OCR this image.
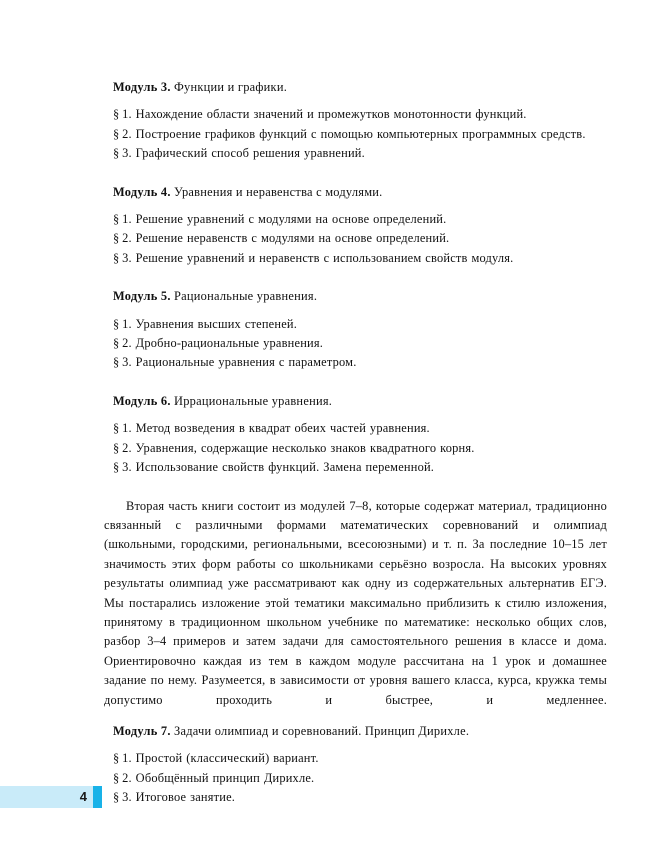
Модуль 3. Функции и графики.

§ 1. Нахождение области значений и промежутков монотонности функций.

§ 2. Построение графиков функций с помощью компьютерных программных средств.

§ 3. Графический способ решения уравнений.

Модуль 4. Уравнения и неравенства с модулями.

§ 1. Решение уравнений с модулями на основе определений.

§ 2. Решение неравенств с модулями на основе определений.

§ 3. Решение уравнений и неравенств с использованием свойств модуля.

Модуль 5. Рациональные уравнения.

§ 1. Уравнения высших степеней.

§ 2. Дробно-рациональные уравнения.

§ 3. Рациональные уравнения с параметром.

Модуль 6. Иррациональные уравнения.

§ 1. Метод возведения в квадрат обеих частей уравнения.

§ 2. Уравнения, содержащие несколько знаков квадратного корня.

§ 3. Использование свойств функций. Замена переменной.

Вторая часть книги состоит из модулей 7–8, которые содержат материал, традиционно связанный с различными формами математических соревнований и олимпиад (школьными, городскими, региональными, всесоюзными) и т. п. За последние 10–15 лет значимость этих форм работы со школьниками серьёзно возросла. На высоких уровнях результаты олимпиад уже рассматривают как одну из содержательных альтернатив ЕГЭ. Мы постарались изложение этой тематики максимально приблизить к стилю изложения, принятому в традиционном школьном учебнике по математике: несколько общих слов, разбор 3–4 примеров и затем задачи для самостоятельного решения в классе и дома. Ориентировочно каждая из тем в каждом модуле рассчитана на 1 урок и домашнее задание по нему. Разумеется, в зависимости от уровня вашего класса, курса, кружка темы допустимо проходить и быстрее, и медленнее.

Модуль 7. Задачи олимпиад и соревнований. Принцип Дирихле.

§ 1. Простой (классический) вариант.

§ 2. Обобщённый принцип Дирихле.

§ 3. Итоговое занятие.

4
